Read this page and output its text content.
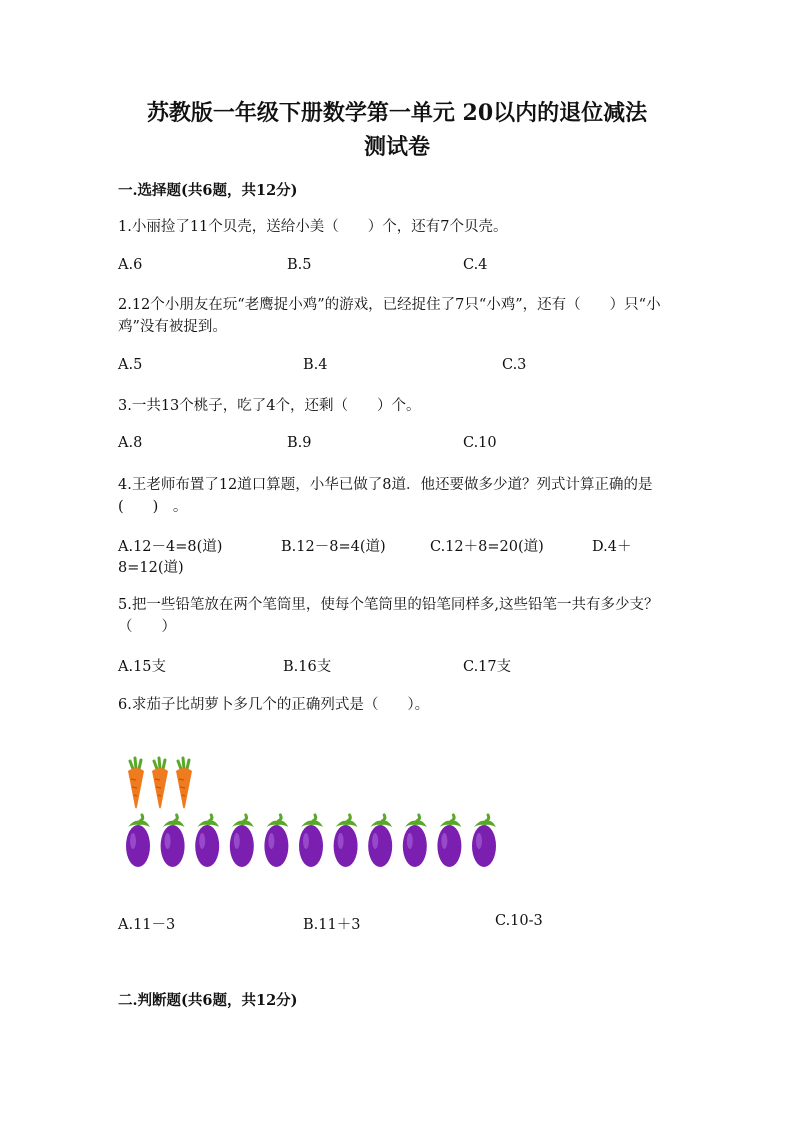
苏教版一年级下册数学第一单元 20以内的退位减法
测试卷
一.选择题(共6题，共12分)
1.小丽捡了11个贝壳，送给小美（　　）个，还有7个贝壳。
A.6	B.5	C.4
2.12个小朋友在玩“老鹰捉小鸡”的游戏，已经捉住了7只“小鸡”，还有（　　）只“小鸡”没有被捉到。
A.5	B.4	C.3
3.一共13个桃子，吃了4个，还剩（　　）个。
A.8	B.9	C.10
4.王老师布置了12道口算题，小华已做了8道．他还要做多少道？列式计算正确的是(　　)　。
A.12－4=8(道)	B.12－8=4(道)	C.12＋8=20(道)	D.4＋
8=12(道)
5.把一些铅笔放在两个笔筒里，使每个笔筒里的铅笔同样多,这些铅笔一共有多少支？（　　）
A.15支	B.16支	C.17支
6.求茄子比胡萝卜多几个的正确列式是（　　）。
A.11－3	B.11＋3	C.10-3
二.判断题(共6题，共12分)
